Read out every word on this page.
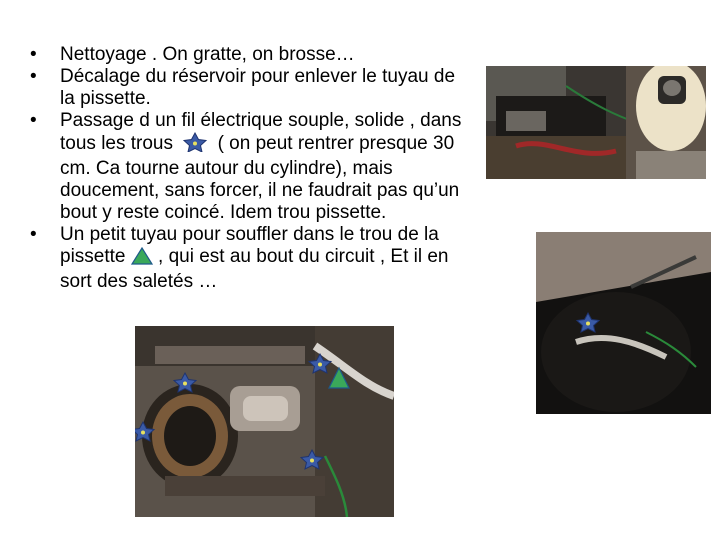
•	Nettoyage . On gratte, on brosse…
•	Décalage du réservoir pour enlever le tuyau de la pissette.
•	Passage d un fil électrique souple, solide , dans tous les trous ( on peut rentrer presque 30 cm. Ca tourne autour du cylindre), mais doucement, sans forcer, il ne faudrait pas qu’un bout y reste coincé. Idem trou pissette.
•	Un petit tuyau pour souffler dans le trou de la pissette , qui est au bout du circuit , Et il en sort des saletés …
